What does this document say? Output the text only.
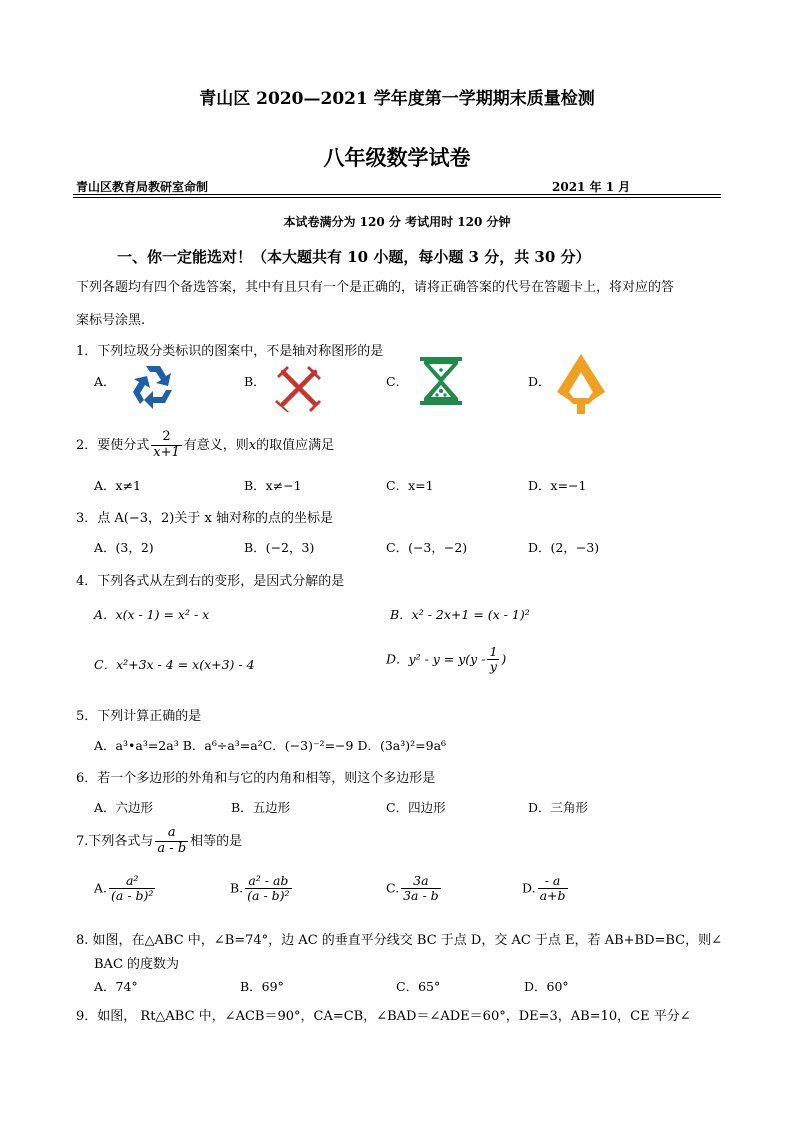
青山区 2020—2021 学年度第一学期期末质量检测
八年级数学试卷
青山区教育局教研室命制	2021 年 1 月
本试卷满分为 120 分 考试用时 120 分钟
一、你一定能选对！（本大题共有 10 小题，每小题 3 分，共 30 分）
下列各题均有四个备选答案，其中有且只有一个是正确的，请将正确答案的代号在答题卡上，将对应的答
案标号涂黑.
1．下列垃圾分类标识的图案中，不是轴对称图形的是
A．	B．	C．	D．
2．要使分式 $\frac{2}{x+1}$ 有意义，则x的取值应满足
A．x≠1	B．x≠−1	C．x=1	D．x=−1
3．点 A(−3，2)关于 x 轴对称的点的坐标是
A．(3，2)	B．(−2，3)	C．(−3，−2)	D．(2，−3)
4．下列各式从左到右的变形，是因式分解的是
A．x(x - 1) = x² - x	B．x² - 2x+1 = (x - 1)²
C．x²+3x - 4 = x(x+3) - 4	D．$y^2 - y = y(y - \frac{1}{y}$ )
5．下列计算正确的是
A．a³•a³=2a³ B．a⁶÷a³=a²C．(−3)⁻²=−9 D．(3a³)²=9a⁶
6．若一个多边形的外角和与它的内角和相等，则这个多边形是
A．六边形	B．五边形	C．四边形	D．三角形
7.下列各式与 $\frac{a}{a - b}$ 相等的是
A. $\frac{\text{a²}}{\text{(a - b)²}}$	B. $\frac{\text{a² - ab}}{\text{(a - b)²}}$	C. $\frac{3a}{3a - b}$	D. $\frac{- a}{a+b}$
8. 如图，在△ABC 中，∠B=74°，边 AC 的垂直平分线交 BC 于点 D，交 AC 于点 E，若 AB+BD=BC，则∠
BAC 的度数为
A．74°	B．69°	C．65°	D．60°
9．如图， Rt△ABC 中，∠ACB＝90°，CA=CB，∠BAD＝∠ADE＝60°，DE=3，AB=10，CE 平分∠
